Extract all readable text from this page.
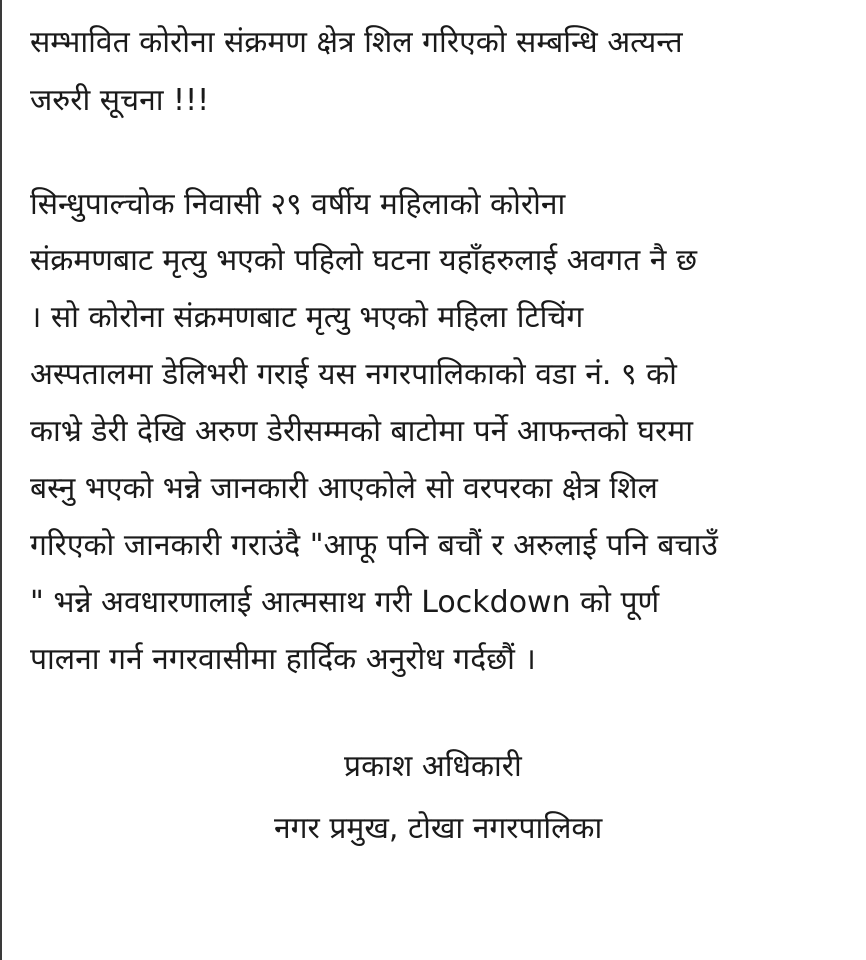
सम्भावित कोरोना संक्रमण क्षेत्र शिल गरिएको सम्बन्धि अत्यन्त
जरुरी सूचना !!!
सिन्धुपाल्चोक निवासी २९ वर्षीय महिलाको कोरोना
संक्रमणबाट मृत्यु भएको पहिलो घटना यहाँहरुलाई अवगत नै छ
। सो कोरोना संक्रमणबाट मृत्यु भएको महिला टिचिंग
अस्पतालमा डेलिभरी गराई यस नगरपालिकाको वडा नं. ९ को
काभ्रे डेरी देखि अरुण डेरीसम्मको बाटोमा पर्ने आफन्तको घरमा
बस्नु भएको भन्ने जानकारी आएकोले सो वरपरका क्षेत्र शिल
गरिएको जानकारी गराउंदै "आफू पनि बचौं र अरुलाई पनि बचाउँ
" भन्ने अवधारणालाई आत्मसाथ गरी Lockdown को पूर्ण
पालना गर्न नगरवासीमा हार्दिक अनुरोध गर्दछौं ।
प्रकाश अधिकारी
नगर प्रमुख, टोखा नगरपालिका
